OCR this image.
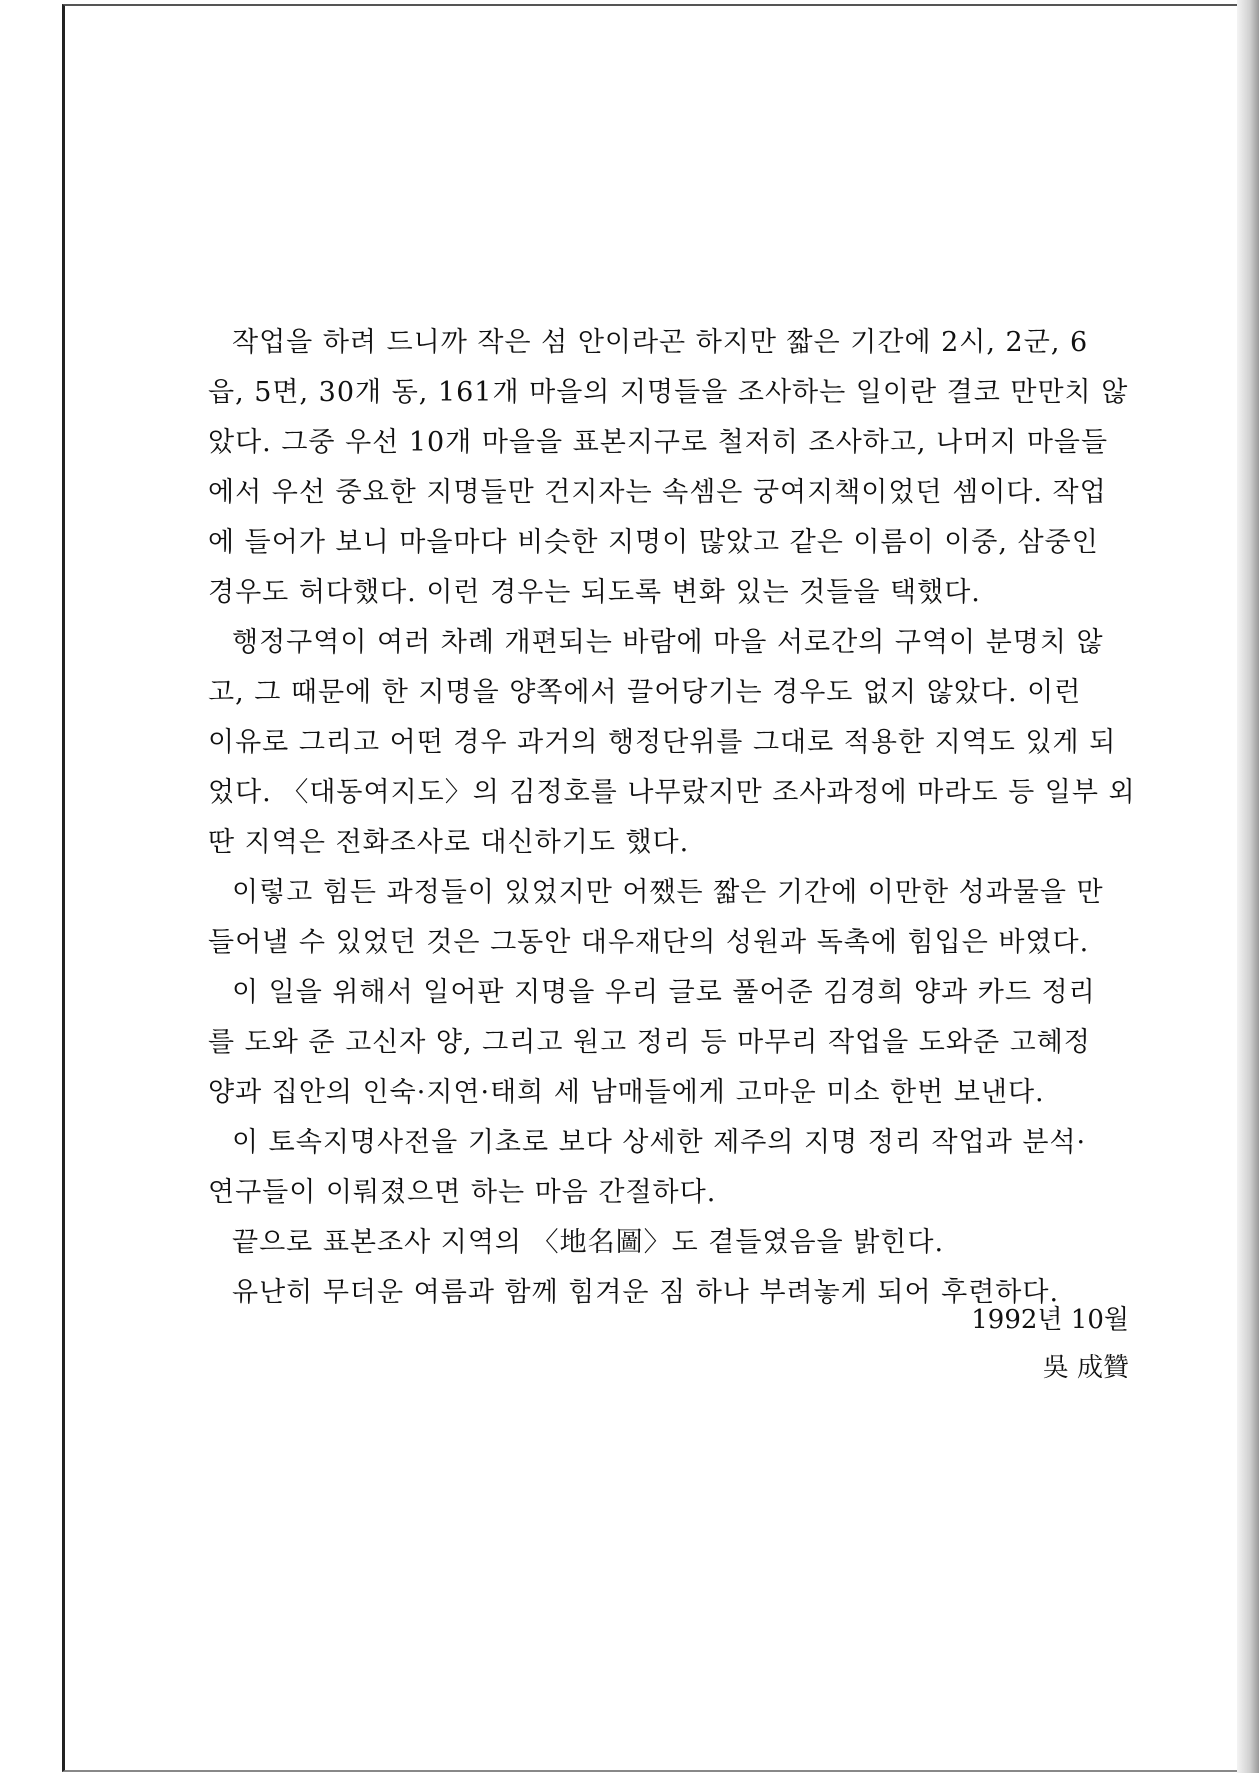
작업을 하려 드니까 작은 섬 안이라곤 하지만 짧은 기간에 2시, 2군, 6
읍, 5면, 30개 동, 161개 마을의 지명들을 조사하는 일이란 결코 만만치 않
았다. 그중 우선 10개 마을을 표본지구로 철저히 조사하고, 나머지 마을들
에서 우선 중요한 지명들만 건지자는 속셈은 궁여지책이었던 셈이다. 작업
에 들어가 보니 마을마다 비슷한 지명이 많았고 같은 이름이 이중, 삼중인
경우도 허다했다. 이런 경우는 되도록 변화 있는 것들을 택했다.

행정구역이 여러 차례 개편되는 바람에 마을 서로간의 구역이 분명치 않
고, 그 때문에 한 지명을 양쪽에서 끌어당기는 경우도 없지 않았다. 이런
이유로 그리고 어떤 경우 과거의 행정단위를 그대로 적용한 지역도 있게 되
었다. 〈대동여지도〉의 김정호를 나무랐지만 조사과정에 마라도 등 일부 외
딴 지역은 전화조사로 대신하기도 했다.

이렇고 힘든 과정들이 있었지만 어쨌든 짧은 기간에 이만한 성과물을 만
들어낼 수 있었던 것은 그동안 대우재단의 성원과 독촉에 힘입은 바였다.

이 일을 위해서 일어판 지명을 우리 글로 풀어준 김경희 양과 카드 정리
를 도와 준 고신자 양, 그리고 원고 정리 등 마무리 작업을 도와준 고혜정
양과 집안의 인숙·지연·태희 세 남매들에게 고마운 미소 한번 보낸다.

이 토속지명사전을 기초로 보다 상세한 제주의 지명 정리 작업과 분석·
연구들이 이뤄졌으면 하는 마음 간절하다.

끝으로 표본조사 지역의 〈地名圖〉도 곁들였음을 밝힌다.

유난히 무더운 여름과 함께 힘겨운 짐 하나 부려놓게 되어 후련하다.

1992년 10월
吳 成贊
